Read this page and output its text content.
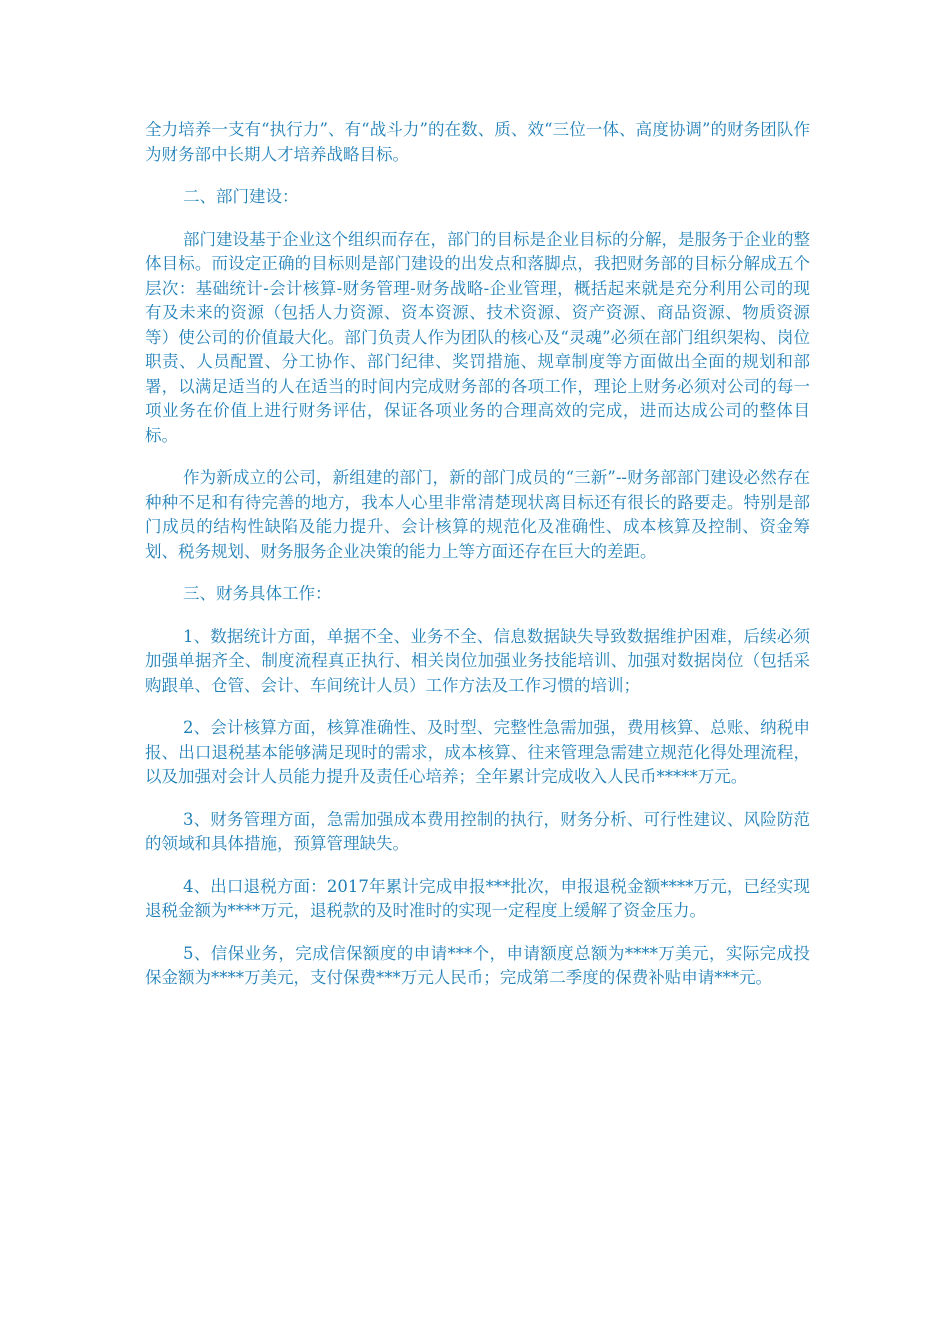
全力培养一支有“执行力”、有“战斗力”的在数、质、效“三位一体、高度协调”的财务团队作为财务部中长期人才培养战略目标。

二、部门建设：

部门建设基于企业这个组织而存在，部门的目标是企业目标的分解，是服务于企业的整体目标。而设定正确的目标则是部门建设的出发点和落脚点，我把财务部的目标分解成五个层次：基础统计-会计核算-财务管理-财务战略-企业管理，概括起来就是充分利用公司的现有及未来的资源（包括人力资源、资本资源、技术资源、资产资源、商品资源、物质资源等）使公司的价值最大化。部门负责人作为团队的核心及“灵魂”必须在部门组织架构、岗位职责、人员配置、分工协作、部门纪律、奖罚措施、规章制度等方面做出全面的规划和部署，以满足适当的人在适当的时间内完成财务部的各项工作，理论上财务必须对公司的每一项业务在价值上进行财务评估，保证各项业务的合理高效的完成，进而达成公司的整体目标。

作为新成立的公司，新组建的部门，新的部门成员的“三新”--财务部部门建设必然存在种种不足和有待完善的地方，我本人心里非常清楚现状离目标还有很长的路要走。特别是部门成员的结构性缺陷及能力提升、会计核算的规范化及准确性、成本核算及控制、资金筹划、税务规划、财务服务企业决策的能力上等方面还存在巨大的差距。

三、财务具体工作：

1、数据统计方面，单据不全、业务不全、信息数据缺失导致数据维护困难，后续必须加强单据齐全、制度流程真正执行、相关岗位加强业务技能培训、加强对数据岗位（包括采购跟单、仓管、会计、车间统计人员）工作方法及工作习惯的培训；

2、会计核算方面，核算准确性、及时型、完整性急需加强，费用核算、总账、纳税申报、出口退税基本能够满足现时的需求，成本核算、往来管理急需建立规范化得处理流程，以及加强对会计人员能力提升及责任心培养；全年累计完成收入人民币*****万元。

3、财务管理方面，急需加强成本费用控制的执行，财务分析、可行性建议、风险防范的领域和具体措施，预算管理缺失。

4、出口退税方面：2017年累计完成申报***批次，申报退税金额****万元，已经实现退税金额为****万元，退税款的及时准时的实现一定程度上缓解了资金压力。

5、信保业务，完成信保额度的申请***个，申请额度总额为****万美元，实际完成投保金额为****万美元，支付保费***万元人民币；完成第二季度的保费补贴申请***元。
